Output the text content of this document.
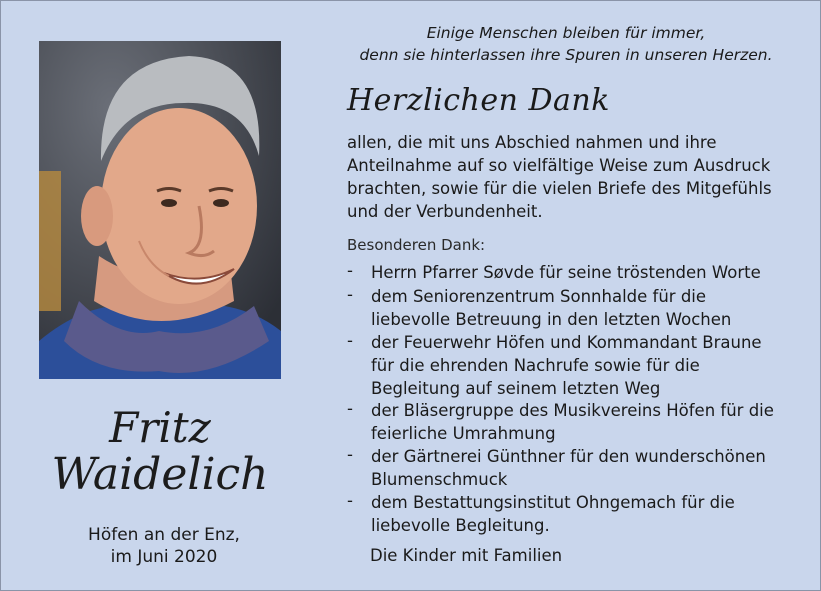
Fritz
Waidelich
Höfen an der Enz,
im Juni 2020
Einige Menschen bleiben für immer,
denn sie hinterlassen ihre Spuren in unseren Herzen.
Herzlichen Dank
allen, die mit uns Abschied nahmen und ihre
Anteilnahme auf so vielfältige Weise zum Ausdruck
brachten, sowie für die vielen Briefe des Mitgefühls
und der Verbundenheit.
Besonderen Dank:
- Herrn Pfarrer Søvde für seine tröstenden Worte
- dem Seniorenzentrum Sonnhalde für die
liebevolle Betreuung in den letzten Wochen
- der Feuerwehr Höfen und Kommandant Braune
für die ehrenden Nachrufe sowie für die
Begleitung auf seinem letzten Weg
- der Bläsergruppe des Musikvereins Höfen für die
feierliche Umrahmung
- der Gärtnerei Günthner für den wunderschönen
Blumenschmuck
- dem Bestattungsinstitut Ohngemach für die
liebevolle Begleitung.
Die Kinder mit Familien
